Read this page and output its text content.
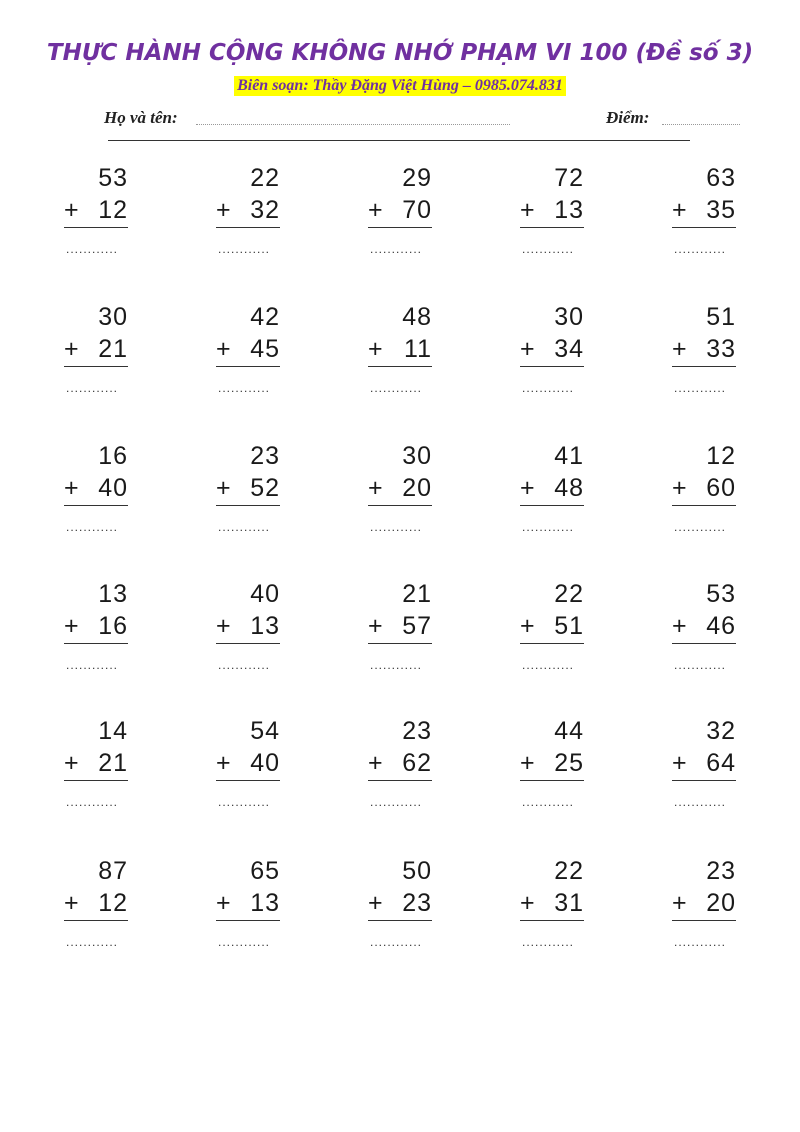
THỰC HÀNH CỘNG KHÔNG NHỚ PHẠM VI 100 (Đề số 3)
Biên soạn: Thầy Đặng Việt Hùng – 0985.074.831
Họ và tên:	Điểm:
53
+ 12
............
22
+ 32
............
29
+ 70
............
72
+ 13
............
63
+ 35
............
30
+ 21
............
42
+ 45
............
48
+ 11
............
30
+ 34
............
51
+ 33
............
16
+ 40
............
23
+ 52
............
30
+ 20
............
41
+ 48
............
12
+ 60
............
13
+ 16
............
40
+ 13
............
21
+ 57
............
22
+ 51
............
53
+ 46
............
14
+ 21
............
54
+ 40
............
23
+ 62
............
44
+ 25
............
32
+ 64
............
87
+ 12
............
65
+ 13
............
50
+ 23
............
22
+ 31
............
23
+ 20
............
